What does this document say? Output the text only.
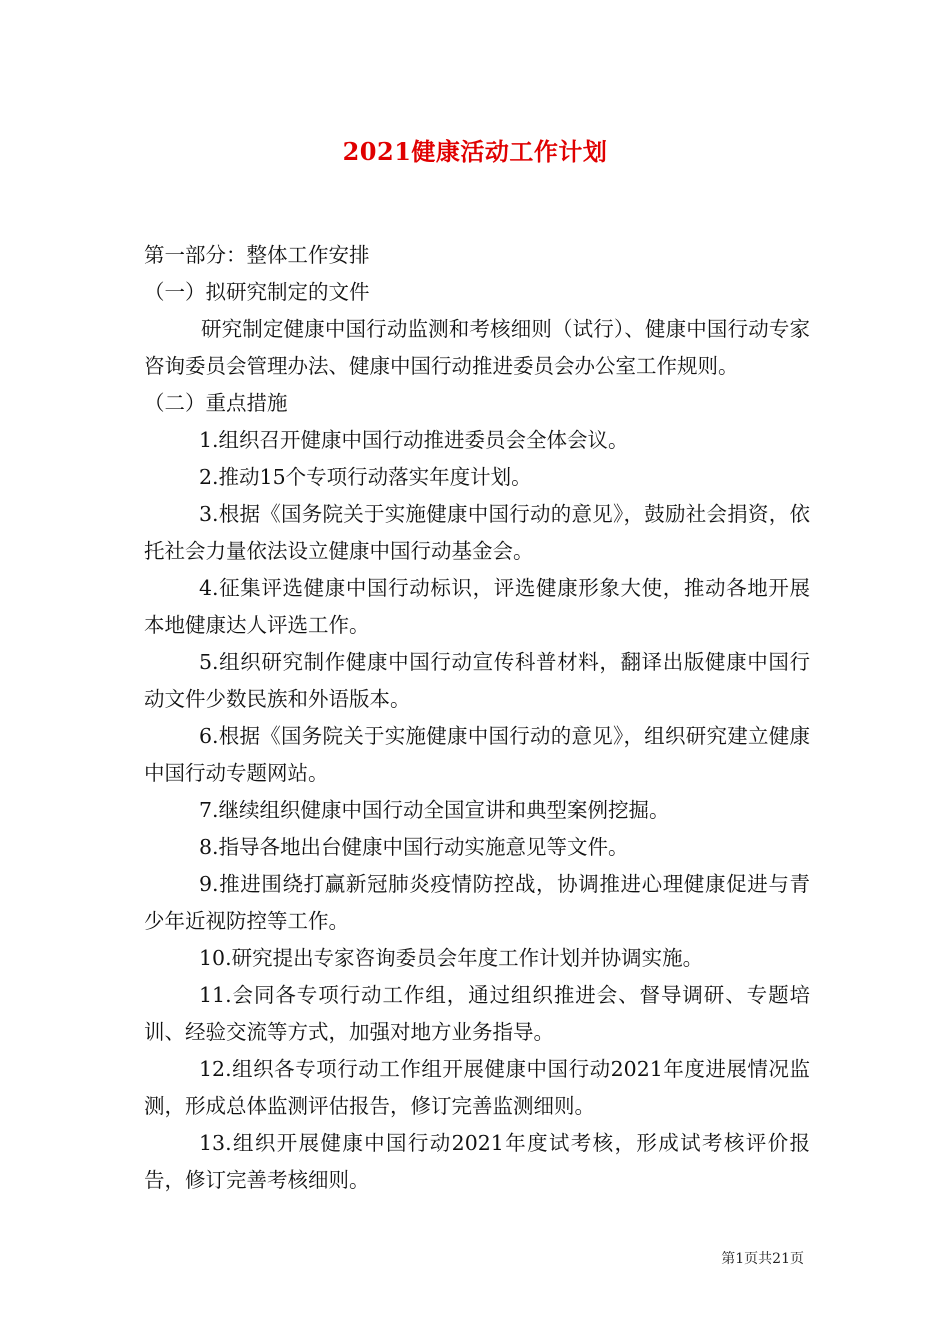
2021健康活动工作计划

第一部分：整体工作安排

（一）拟研究制定的文件

研究制定健康中国行动监测和考核细则（试行）、健康中国行动专家咨询委员会管理办法、健康中国行动推进委员会办公室工作规则。

（二）重点措施

1.组织召开健康中国行动推进委员会全体会议。

2.推动15个专项行动落实年度计划。

3.根据《国务院关于实施健康中国行动的意见》，鼓励社会捐资，依托社会力量依法设立健康中国行动基金会。

4.征集评选健康中国行动标识，评选健康形象大使，推动各地开展本地健康达人评选工作。

5.组织研究制作健康中国行动宣传科普材料，翻译出版健康中国行动文件少数民族和外语版本。

6.根据《国务院关于实施健康中国行动的意见》，组织研究建立健康中国行动专题网站。

7.继续组织健康中国行动全国宣讲和典型案例挖掘。

8.指导各地出台健康中国行动实施意见等文件。

9.推进围绕打赢新冠肺炎疫情防控战，协调推进心理健康促进与青少年近视防控等工作。

10.研究提出专家咨询委员会年度工作计划并协调实施。

11.会同各专项行动工作组，通过组织推进会、督导调研、专题培训、经验交流等方式，加强对地方业务指导。

12.组织各专项行动工作组开展健康中国行动2021年度进展情况监测，形成总体监测评估报告，修订完善监测细则。

13.组织开展健康中国行动2021年度试考核，形成试考核评价报告，修订完善考核细则。

第1页共21页
